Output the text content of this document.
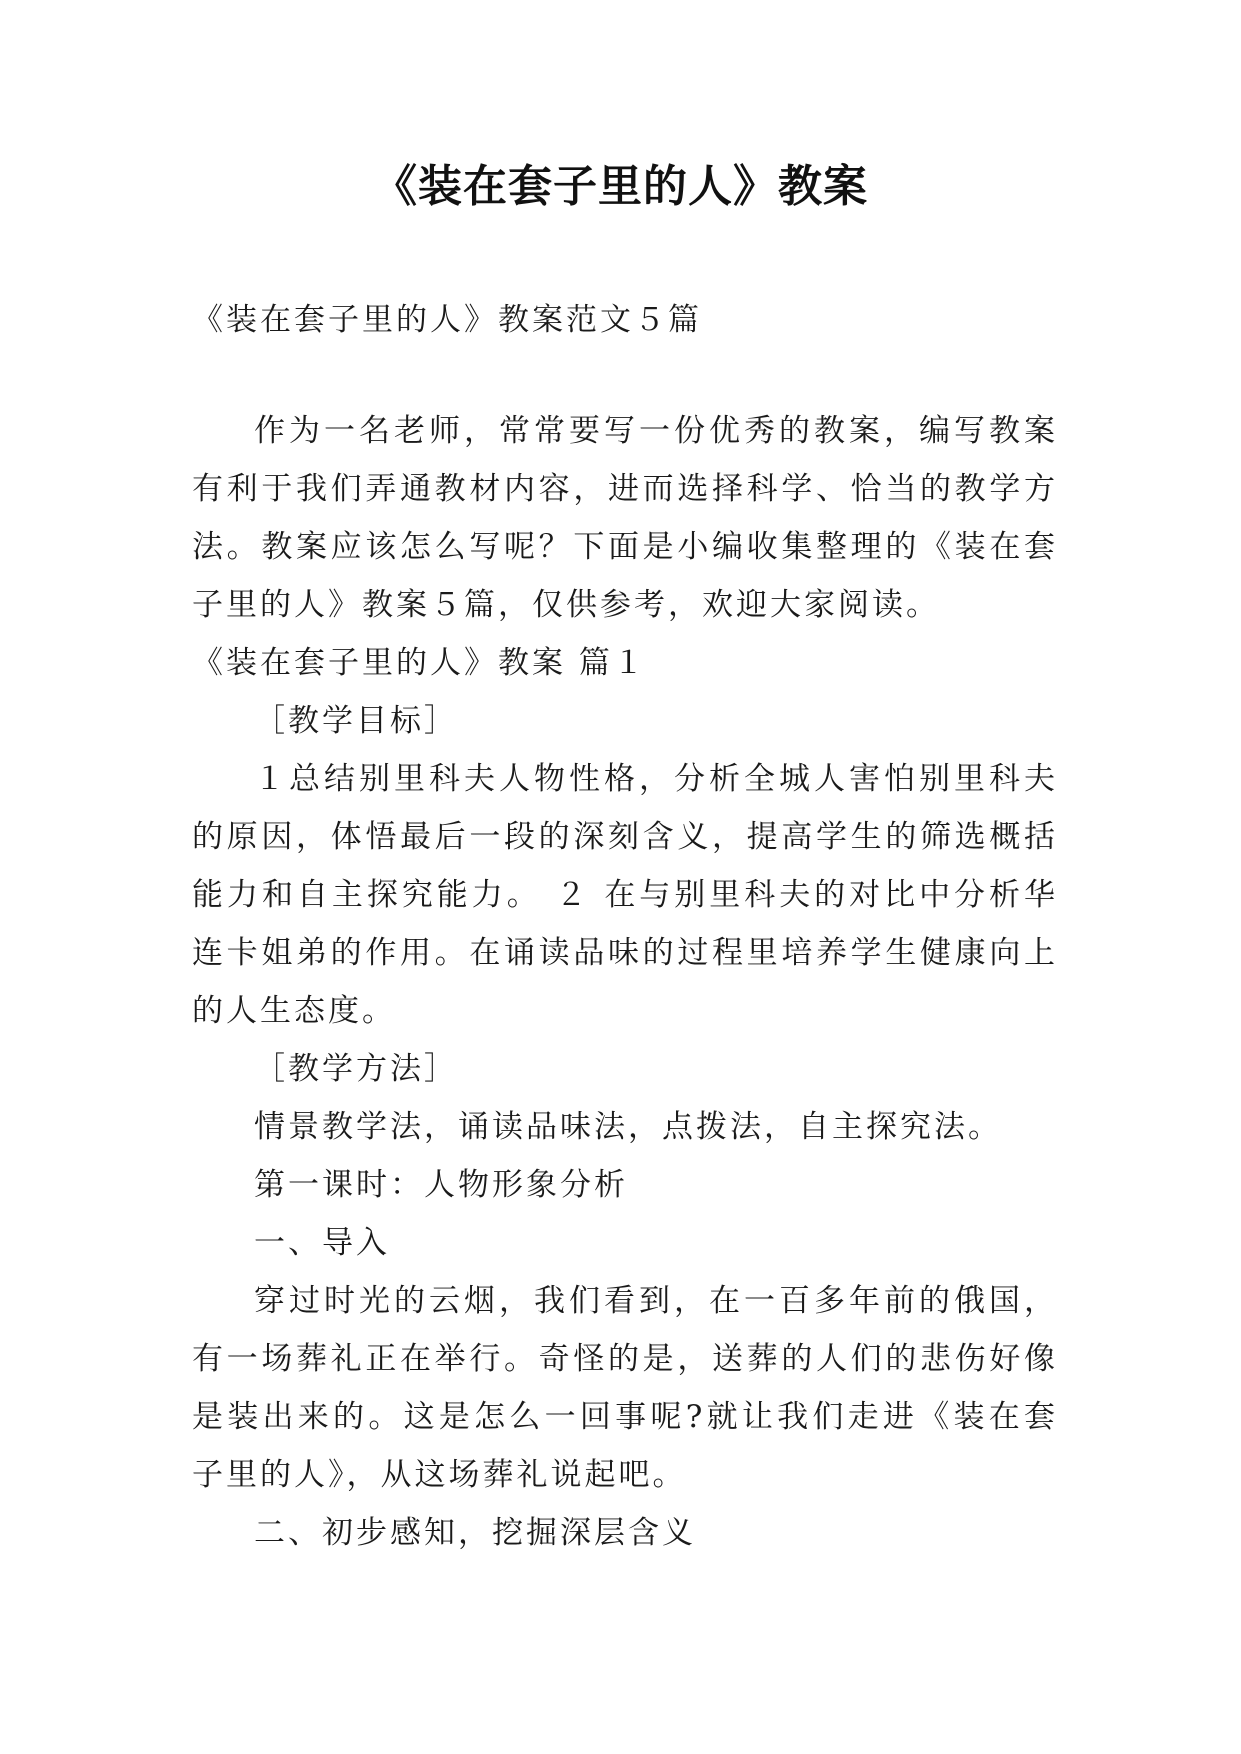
《装在套子里的人》教案
《装在套子里的人》教案范文５篇

作为一名老师，常常要写一份优秀的教案，编写教案有利于我们弄通教材内容，进而选择科学、恰当的教学方法。教案应该怎么写呢？下面是小编收集整理的《装在套子里的人》教案５篇，仅供参考，欢迎大家阅读。

《装在套子里的人》教案 篇１

［教学目标］

１总结别里科夫人物性格，分析全城人害怕别里科夫的原因，体悟最后一段的深刻含义，提高学生的筛选概括能力和自主探究能力。 ２ 在与别里科夫的对比中分析华连卡姐弟的作用。在诵读品味的过程里培养学生健康向上的人生态度。

［教学方法］

情景教学法，诵读品味法，点拨法，自主探究法。

第一课时：人物形象分析

一、导入

穿过时光的云烟，我们看到，在一百多年前的俄国，有一场葬礼正在举行。奇怪的是，送葬的人们的悲伤好像是装出来的。这是怎么一回事呢?就让我们走进《装在套子里的人》，从这场葬礼说起吧。

二、初步感知，挖掘深层含义
